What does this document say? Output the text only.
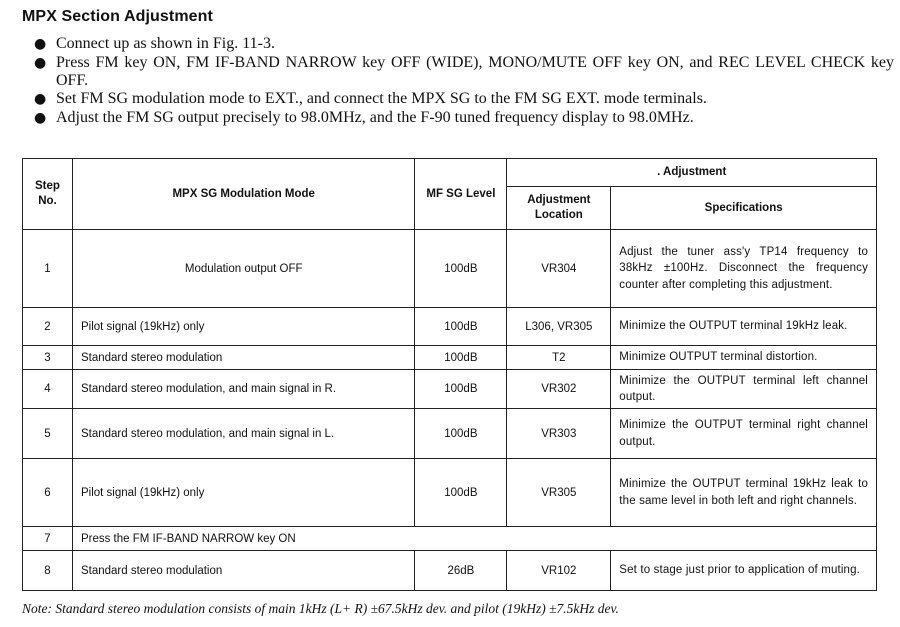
MPX Section Adjustment
● Connect up as shown in Fig. 11-3.
● Press FM key ON, FM IF-BAND NARROW key OFF (WIDE), MONO/MUTE OFF key ON, and REC LEVEL CHECK key OFF.
● Set FM SG modulation mode to EXT., and connect the MPX SG to the FM SG EXT. mode terminals.
● Adjust the FM SG output precisely to 98.0MHz, and the F-90 tuned frequency display to 98.0MHz.
Step No.	MPX SG Modulation Mode	MF SG Level	. Adjustment	
			Adjustment Location	Specifications
1	Modulation output OFF	100dB	VR304	Adjust the tuner ass'y TP14 frequency to 38kHz ±100Hz. Disconnect the frequency counter after completing this adjustment.
2	Pilot signal (19kHz) only	100dB	L306, VR305	Minimize the OUTPUT terminal 19kHz leak.
3	Standard stereo modulation	100dB	T2	Minimize OUTPUT terminal distortion.
4	Standard stereo modulation, and main signal in R.	100dB	VR302	Minimize the OUTPUT terminal left channel output.
5	Standard stereo modulation, and main signal in L.	100dB	VR303	Minimize the OUTPUT terminal right channel output.
6	Pilot signal (19kHz) only	100dB	VR305	Minimize the OUTPUT terminal 19kHz leak to the same level in both left and right channels.
7	Press the FM IF-BAND NARROW key ON			
8	Standard stereo modulation	26dB	VR102	Set to stage just prior to application of muting.
Note: Standard stereo modulation consists of main 1kHz (L+ R) ±67.5kHz dev. and pilot (19kHz) ±7.5kHz dev.
